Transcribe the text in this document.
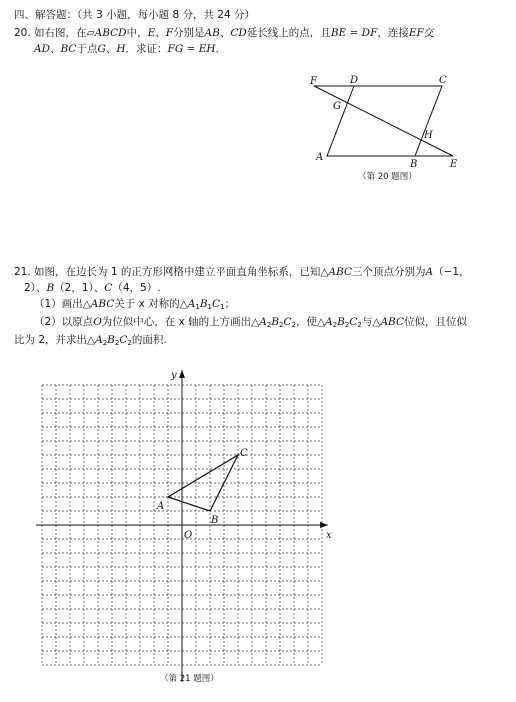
四、解答题：（共 3 小题，每小题 8 分，共 24 分）
20. 如右图，在▱ABCD中，E、F分别是AB、CD延长线上的点，且BE = DF，连接EF交
AD、BC于点G、H．求证：FG = EH．
F	D	C
G
H
A
B	E
（第 20 题图）
21. 如图，在边长为 1 的正方形网格中建立平面直角坐标系，已知△ABC三个顶点分别为A（−1，
2）、B（2，1）、C（4，5）.
（1）画出△ABC关于 x 对称的$\triangle A_1B_1C_1$；
（2）以原点O为位似中心，在 x 轴的上方画出$\triangle A_2B_2C_2$，使$\triangle A_2B_2C_2$与△ABC位似，且位似
比为 2，并求出$\triangle A_2B_2C_2$的面积.
x
y
O
A
B
C
（第 21 题图）
